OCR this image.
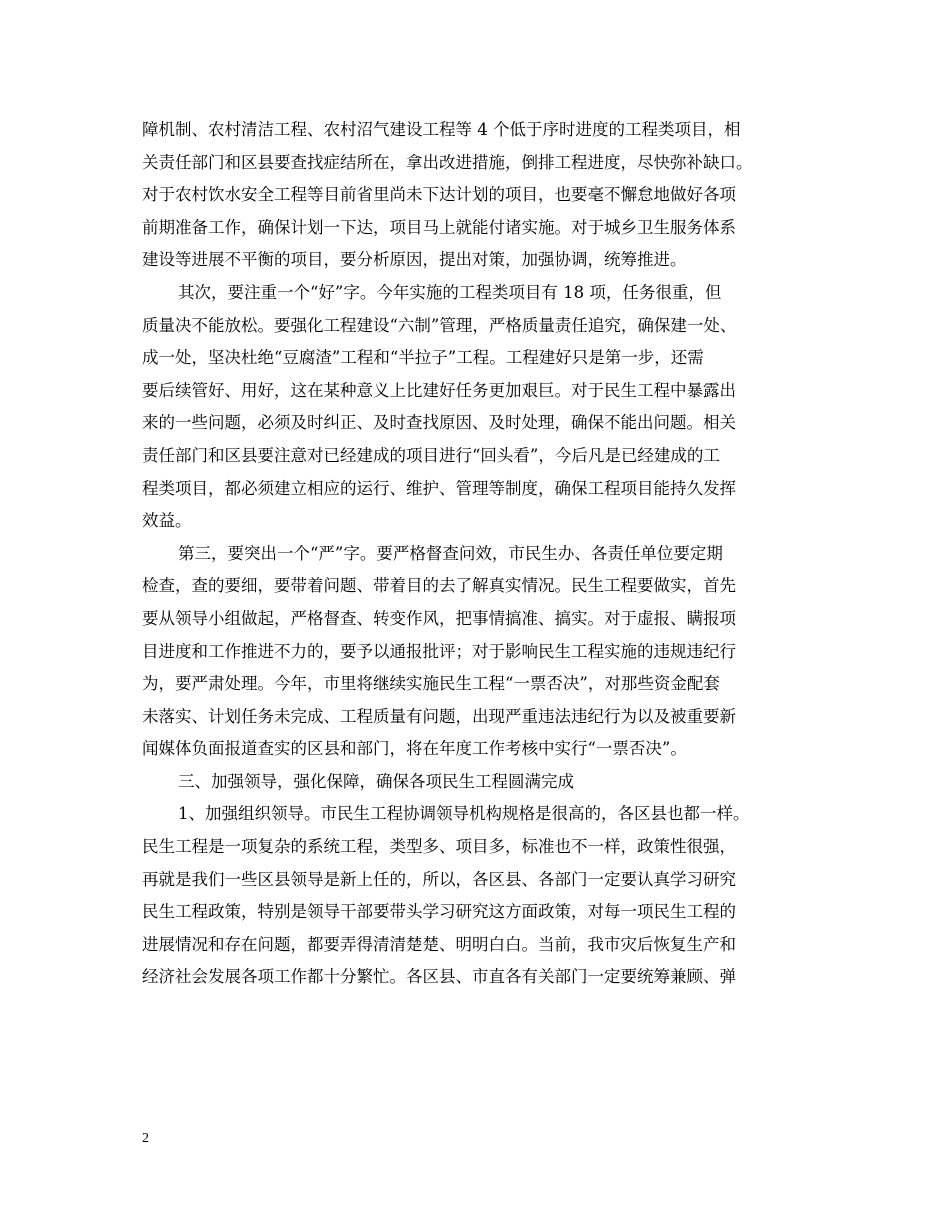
障机制、农村清洁工程、农村沼气建设工程等 4 个低于序时进度的工程类项目，相
关责任部门和区县要查找症结所在，拿出改进措施，倒排工程进度，尽快弥补缺口。
对于农村饮水安全工程等目前省里尚未下达计划的项目，也要毫不懈怠地做好各项
前期准备工作，确保计划一下达，项目马上就能付诸实施。对于城乡卫生服务体系
建设等进展不平衡的项目，要分析原因，提出对策，加强协调，统筹推进。
其次，要注重一个“好”字。今年实施的工程类项目有 18 项，任务很重，但
质量决不能放松。要强化工程建设“六制”管理，严格质量责任追究，确保建一处、
成一处，坚决杜绝“豆腐渣”工程和“半拉子”工程。工程建好只是第一步，还需
要后续管好、用好，这在某种意义上比建好任务更加艰巨。对于民生工程中暴露出
来的一些问题，必须及时纠正、及时查找原因、及时处理，确保不能出问题。相关
责任部门和区县要注意对已经建成的项目进行“回头看”，今后凡是已经建成的工
程类项目，都必须建立相应的运行、维护、管理等制度，确保工程项目能持久发挥
效益。
第三，要突出一个“严”字。要严格督查问效，市民生办、各责任单位要定期
检查，查的要细，要带着问题、带着目的去了解真实情况。民生工程要做实，首先
要从领导小组做起，严格督查、转变作风，把事情搞准、搞实。对于虚报、瞒报项
目进度和工作推进不力的，要予以通报批评；对于影响民生工程实施的违规违纪行
为，要严肃处理。今年，市里将继续实施民生工程“一票否决”，对那些资金配套
未落实、计划任务未完成、工程质量有问题，出现严重违法违纪行为以及被重要新
闻媒体负面报道查实的区县和部门，将在年度工作考核中实行“一票否决”。
三、加强领导，强化保障，确保各项民生工程圆满完成
1、加强组织领导。市民生工程协调领导机构规格是很高的，各区县也都一样。
民生工程是一项复杂的系统工程，类型多、项目多，标准也不一样，政策性很强，
再就是我们一些区县领导是新上任的，所以，各区县、各部门一定要认真学习研究
民生工程政策，特别是领导干部要带头学习研究这方面政策，对每一项民生工程的
进展情况和存在问题，都要弄得清清楚楚、明明白白。当前，我市灾后恢复生产和
经济社会发展各项工作都十分繁忙。各区县、市直各有关部门一定要统筹兼顾、弹
2
